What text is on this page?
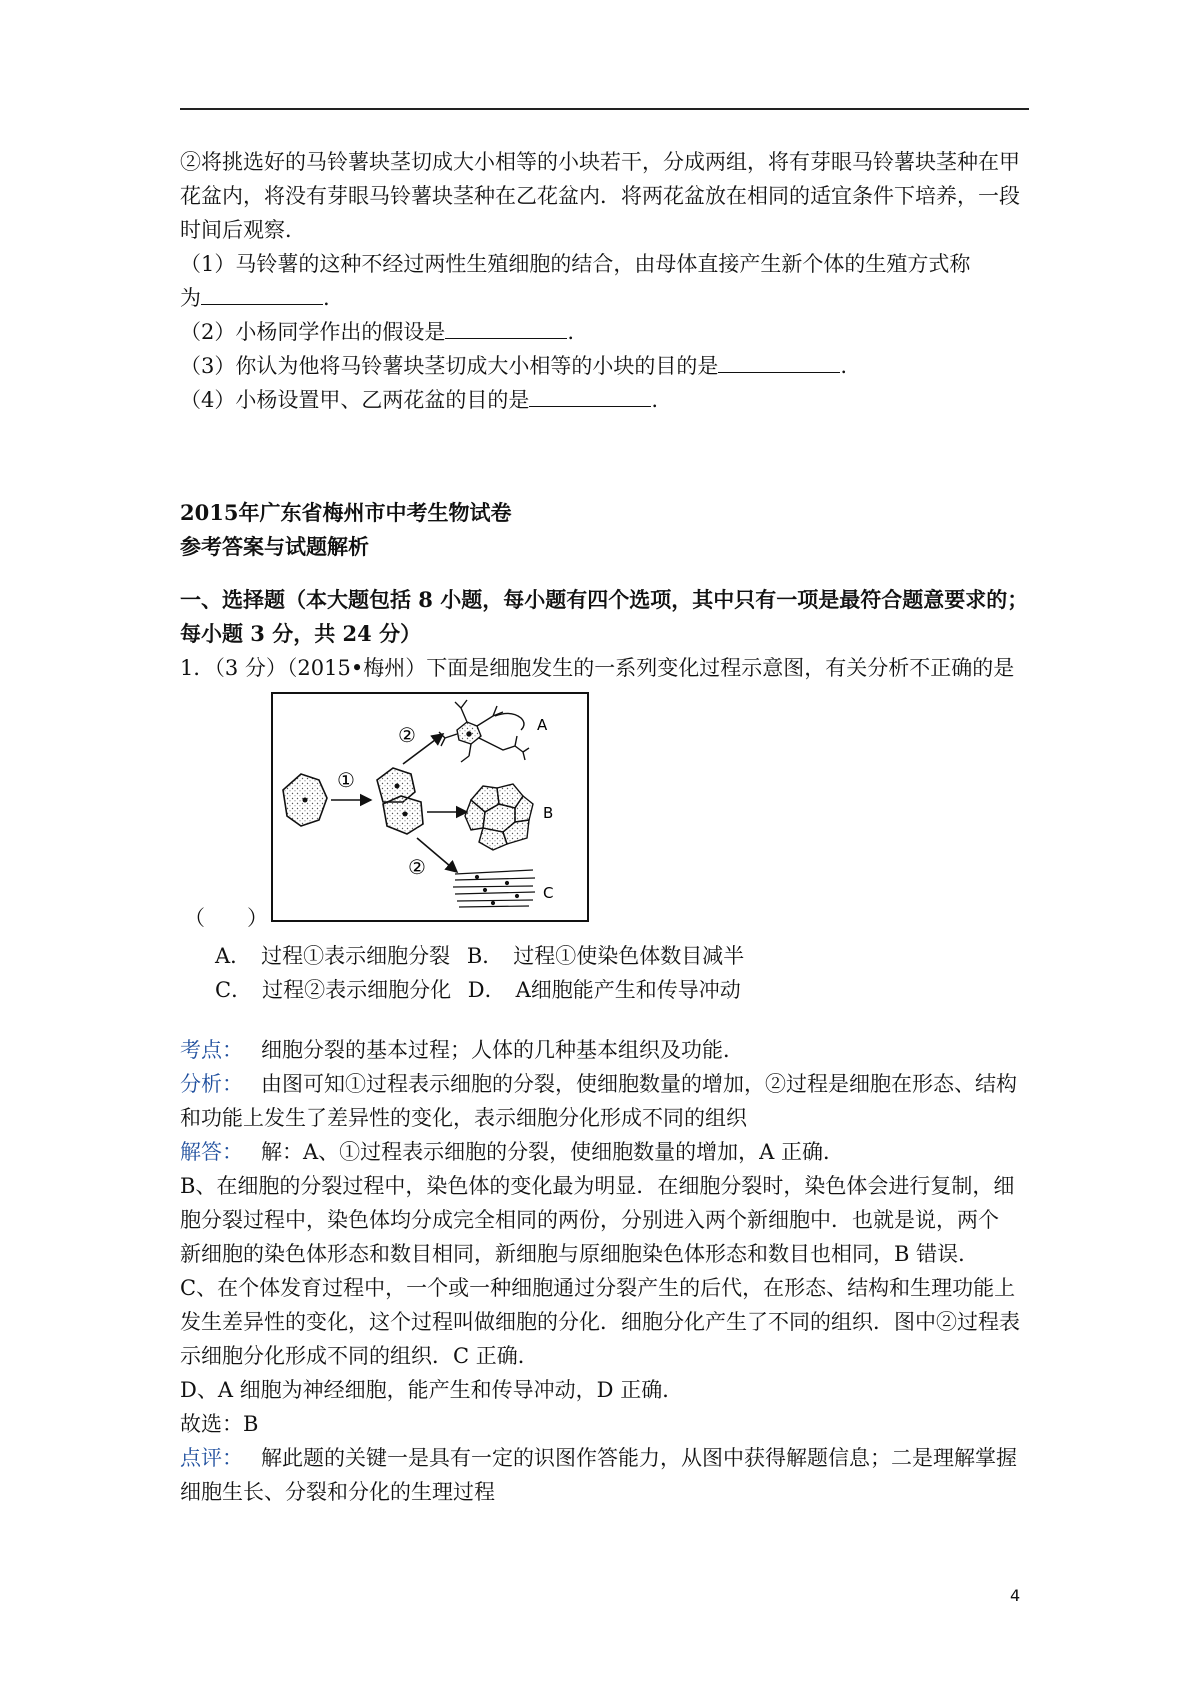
②将挑选好的马铃薯块茎切成大小相等的小块若干，分成两组，将有芽眼马铃薯块茎种在甲

花盆内，将没有芽眼马铃薯块茎种在乙花盆内．将两花盆放在相同的适宜条件下培养，一段

时间后观察．

（1）马铃薯的这种不经过两性生殖细胞的结合，由母体直接产生新个体的生殖方式称

为	.

（2）小杨同学作出的假设是	.

（3）你认为他将马铃薯块茎切成大小相等的小块的目的是	.

（4）小杨设置甲、乙两花盆的目的是	.

2015年广东省梅州市中考生物试卷

参考答案与试题解析

一、选择题（本大题包括 8 小题，每小题有四个选项，其中只有一项是最符合题意要求的；

每小题 3 分，共 24 分）

1．（3 分）（2015•梅州）下面是细胞发生的一系列变化过程示意图，有关分析不正确的是

①
②
②
A
B
C

（　　）

A． 过程①表示细胞分裂 B． 过程①使染色体数目减半
C． 过程②表示细胞分化 D． A细胞能产生和传导冲动

考点： 细胞分裂的基本过程；人体的几种基本组织及功能．

分析： 由图可知①过程表示细胞的分裂，使细胞数量的增加，②过程是细胞在形态、结构

和功能上发生了差异性的变化，表示细胞分化形成不同的组织

解答： 解：A、①过程表示细胞的分裂，使细胞数量的增加，A 正确．

B、在细胞的分裂过程中，染色体的变化最为明显．在细胞分裂时，染色体会进行复制，细

胞分裂过程中，染色体均分成完全相同的两份，分别进入两个新细胞中．也就是说，两个

新细胞的染色体形态和数目相同，新细胞与原细胞染色体形态和数目也相同，B 错误．

C、在个体发育过程中，一个或一种细胞通过分裂产生的后代，在形态、结构和生理功能上

发生差异性的变化，这个过程叫做细胞的分化．细胞分化产生了不同的组织．图中②过程表

示细胞分化形成不同的组织．C 正确．

D、A 细胞为神经细胞，能产生和传导冲动，D 正确．

故选：B

点评： 解此题的关键一是具有一定的识图作答能力，从图中获得解题信息；二是理解掌握

细胞生长、分裂和分化的生理过程

4
